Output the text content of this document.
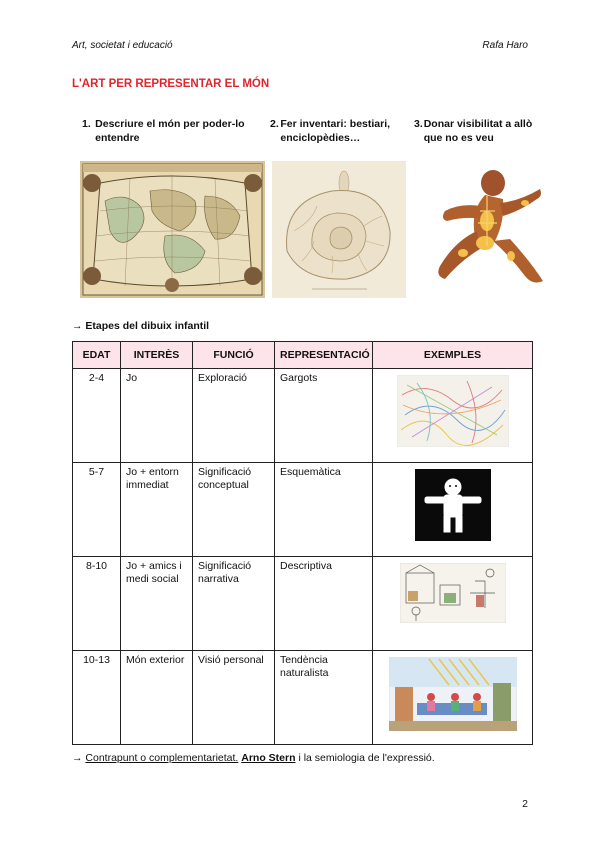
Art, societat i educació	Rafa Haro
L'ART PER REPRESENTAR EL MÓN
1. Descriure el món per poder-lo entendre
2. Fer inventari: bestiari, enciclopèdies…
3. Donar visibilitat a allò que no es veu
→ Etapes del dibuix infantil
EDAT	INTERÈS	FUNCIÓ	REPRESENTACIÓ	EXEMPLES
2-4	Jo	Exploració	Gargots	

5-7	Jo + entorn immediat	Significació conceptual	Esquemàtica	

8-10	Jo + amics i medi social	Significació narrativa	Descriptiva	

10-13	Món exterior	Visió personal	Tendència naturalista	
→ Contrapunt o complementarietat. Arno Stern i la semiologia de l'expressió.
2
